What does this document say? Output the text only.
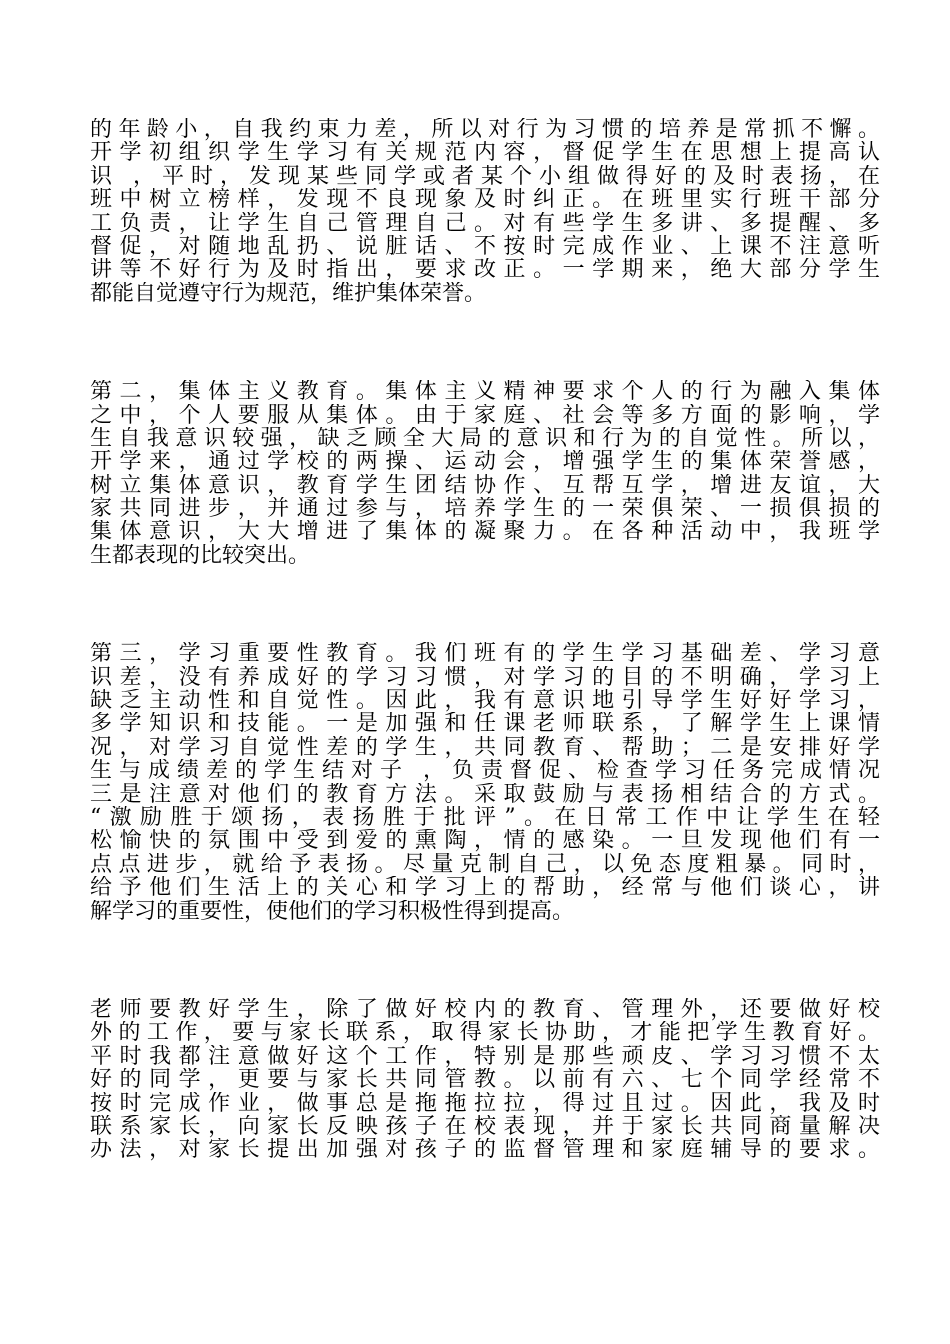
的年龄小，自我约束力差，所以对行为习惯的培养是常抓不懈。
开学初组织学生学习有关规范内容，督促学生在思想上提高认
识 ，平时，发现某些同学或者某个小组做得好的及时表扬，在
班中树立榜样，发现不良现象及时纠正。在班里实行班干部分
工负责，让学生自己管理自己。对有些学生多讲、多提醒、多
督促，对随地乱扔、说脏话、不按时完成作业、上课不注意听
讲等不好行为及时指出，要求改正。一学期来，绝大部分学生
都能自觉遵守行为规范，维护集体荣誉。
第二，集体主义教育。集体主义精神要求个人的行为融入集体
之中，个人要服从集体。由于家庭、社会等多方面的影响，学
生自我意识较强，缺乏顾全大局的意识和行为的自觉性。所以，
开学来，通过学校的两操、运动会，增强学生的集体荣誉感，
树立集体意识，教育学生团结协作、互帮互学，增进友谊，大
家共同进步，并通过参与，培养学生的一荣俱荣、一损俱损的
集体意识，大大增进了集体的凝聚力。在各种活动中，我班学
生都表现的比较突出。
第三，学习重要性教育。我们班有的学生学习基础差、学习意
识差，没有养成好的学习习惯，对学习的目的不明确，学习上
缺乏主动性和自觉性。因此，我有意识地引导学生好好学习，
多学知识和技能。一是加强和任课老师联系，了解学生上课情
况，对学习自觉性差的学生，共同教育、帮助；二是安排好学
生与成绩差的学生结对子 ，负责督促、检查学习任务完成情况
三是注意对他们的教育方法。采取鼓励与表扬相结合的方式。
“激励胜于颂扬，表扬胜于批评”。在日常工作中让学生在轻
松愉快的氛围中受到爱的熏陶，情的感染。一旦发现他们有一
点点进步，就给予表扬。尽量克制自己，以免态度粗暴。同时，
给予他们生活上的关心和学习上的帮助，经常与他们谈心，讲
解学习的重要性，使他们的学习积极性得到提高。
老师要教好学生，除了做好校内的教育、管理外，还要做好校
外的工作，要与家长联系，取得家长协助，才能把学生教育好。
平时我都注意做好这个工作，特别是那些顽皮、学习习惯不太
好的同学，更要与家长共同管教。以前有六、七个同学经常不
按时完成作业，做事总是拖拖拉拉，得过且过。因此，我及时
联系家长，向家长反映孩子在校表现，并于家长共同商量解决
办法，对家长提出加强对孩子的监督管理和家庭辅导的要求。
